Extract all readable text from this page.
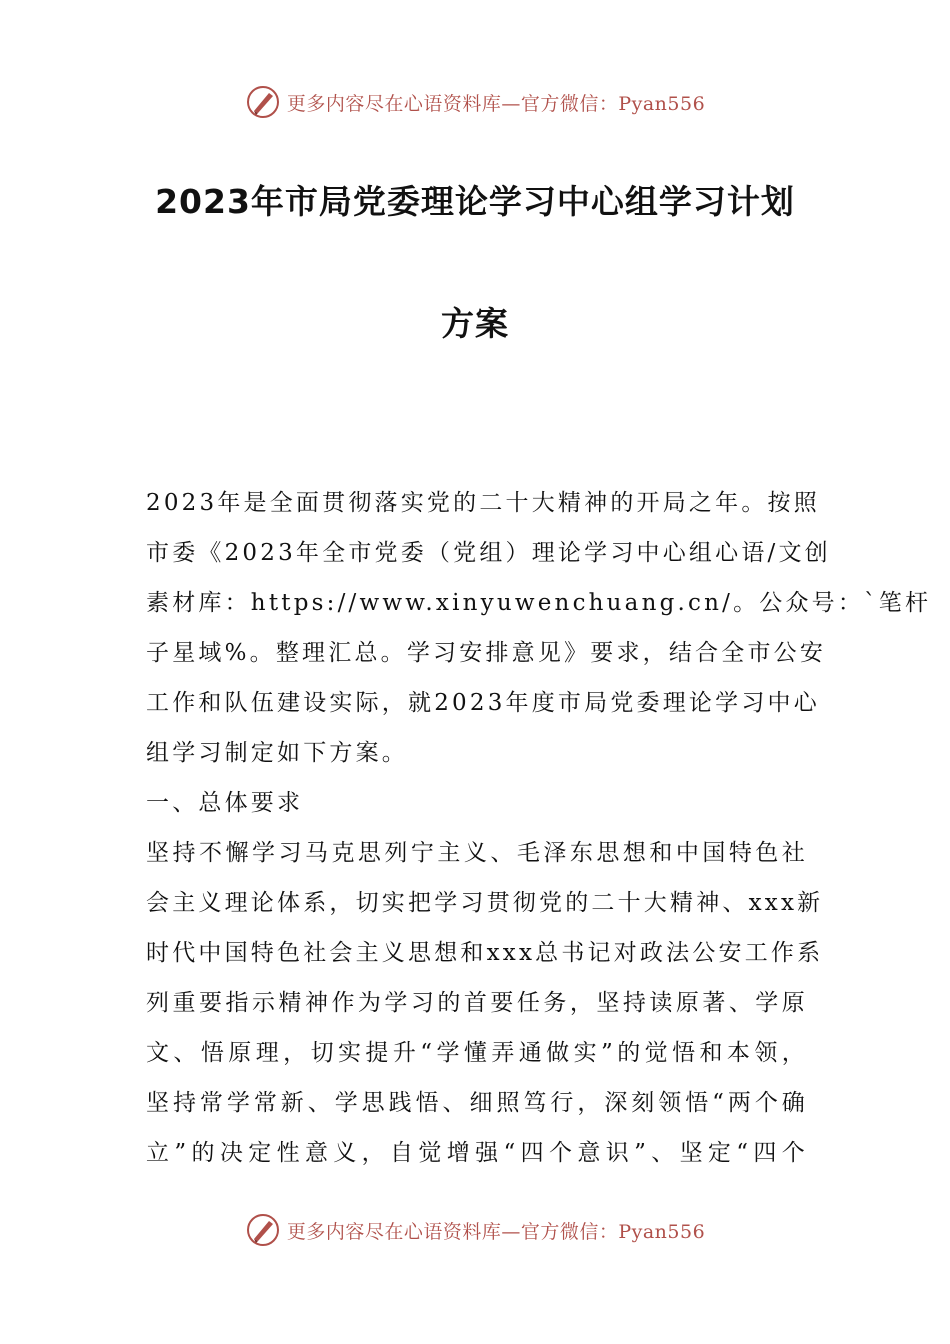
更多内容尽在心语资料库—官方微信：Pyan556
2023年市局党委理论学习中心组学习计划
方案
2023年是全面贯彻落实党的二十大精神的开局之年。按照
市委《2023年全市党委（党组）理论学习中心组心语/文创
素材库：https://www.xinyuwenchuang.cn/。公众号：`笔杆
子星域%。整理汇总。学习安排意见》要求，结合全市公安
工作和队伍建设实际，就2023年度市局党委理论学习中心
组学习制定如下方案。
一、总体要求
坚持不懈学习马克思列宁主义、毛泽东思想和中国特色社
会主义理论体系，切实把学习贯彻党的二十大精神、xxx新
时代中国特色社会主义思想和xxx总书记对政法公安工作系
列重要指示精神作为学习的首要任务，坚持读原著、学原
文、悟原理，切实提升“学懂弄通做实”的觉悟和本领，
坚持常学常新、学思践悟、细照笃行，深刻领悟“两个确
立”的决定性意义，自觉增强“四个意识”、坚定“四个
更多内容尽在心语资料库—官方微信：Pyan556
